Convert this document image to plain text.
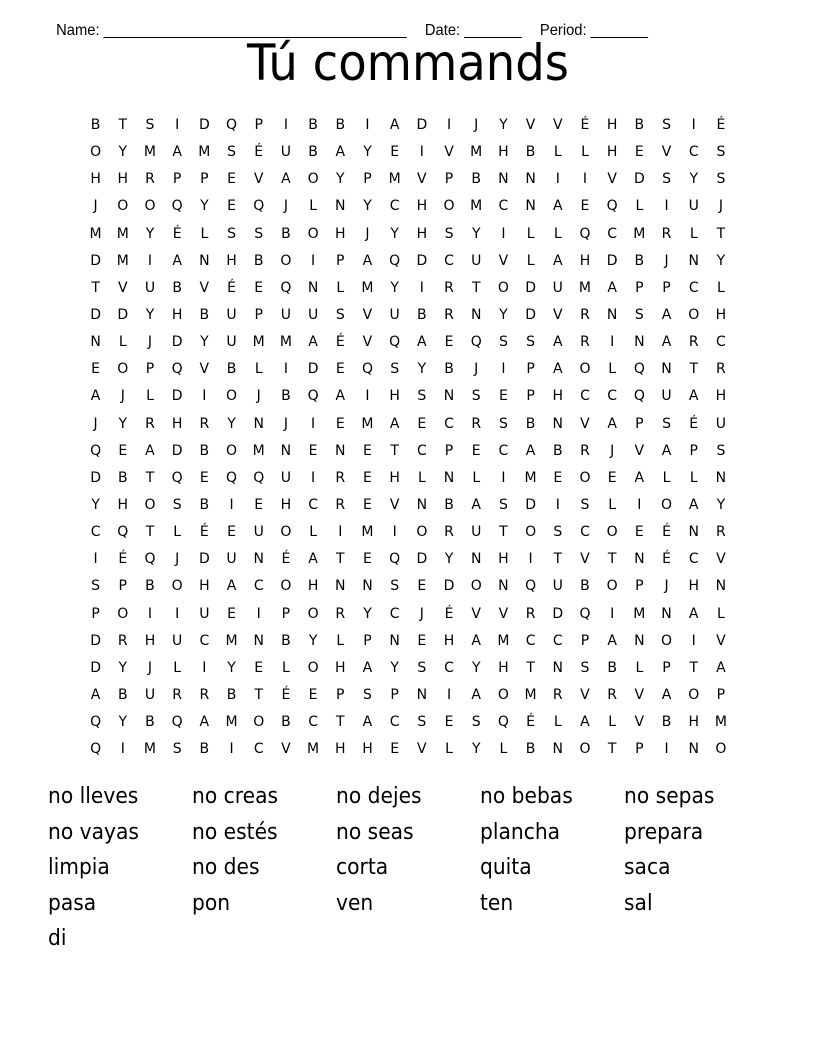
Name: _____________________________________ Date: _______ Period: _______

Tú commands
B	T	S	I	D	Q	P	I	B	B	I	A	D	I	J	Y	V	V	É	H	B	S	I	É
O	Y	M	A	M	S	É	U	B	A	Y	E	I	V	M	H	B	L	L	H	E	V	C	S
H	H	R	P	P	E	V	A	O	Y	P	M	V	P	B	N	N	I	I	V	D	S	Y	S
J	O	O	Q	Y	E	Q	J	L	N	Y	C	H	O	M	C	N	A	E	Q	L	I	U	J
M	M	Y	É	L	S	S	B	O	H	J	Y	H	S	Y	I	L	L	Q	C	M	R	L	T
D	M	I	A	N	H	B	O	I	P	A	Q	D	C	U	V	L	A	H	D	B	J	N	Y
T	V	U	B	V	É	E	Q	N	L	M	Y	I	R	T	O	D	U	M	A	P	P	C	L
D	D	Y	H	B	U	P	U	U	S	V	U	B	R	N	Y	D	V	R	N	S	A	O	H
N	L	J	D	Y	U	M	M	A	É	V	Q	A	E	Q	S	S	A	R	I	N	A	R	C
E	O	P	Q	V	B	L	I	D	E	Q	S	Y	B	J	I	P	A	O	L	Q	N	T	R
A	J	L	D	I	O	J	B	Q	A	I	H	S	N	S	E	P	H	C	C	Q	U	A	H
J	Y	R	H	R	Y	N	J	I	E	M	A	E	C	R	S	B	N	V	A	P	S	É	U
Q	E	A	D	B	O	M	N	E	N	E	T	C	P	E	C	A	B	R	J	V	A	P	S
D	B	T	Q	E	Q	Q	U	I	R	E	H	L	N	L	I	M	E	O	E	A	L	L	N
Y	H	O	S	B	I	E	H	C	R	E	V	N	B	A	S	D	I	S	L	I	O	A	Y
C	Q	T	L	É	E	U	O	L	I	M	I	O	R	U	T	O	S	C	O	E	É	N	R
I	É	Q	J	D	U	N	É	A	T	E	Q	D	Y	N	H	I	T	V	T	N	É	C	V
S	P	B	O	H	A	C	O	H	N	N	S	E	D	O	N	Q	U	B	O	P	J	H	N
P	O	I	I	U	E	I	P	O	R	Y	C	J	É	V	V	R	D	Q	I	M	N	A	L
D	R	H	U	C	M	N	B	Y	L	P	N	E	H	A	M	C	C	P	A	N	O	I	V
D	Y	J	L	I	Y	E	L	O	H	A	Y	S	C	Y	H	T	N	S	B	L	P	T	A
A	B	U	R	R	B	T	É	E	P	S	P	N	I	A	O	M	R	V	R	V	A	O	P
Q	Y	B	Q	A	M	O	B	C	T	A	C	S	E	S	Q	É	L	A	L	V	B	H	M
Q	I	M	S	B	I	C	V	M	H	H	E	V	L	Y	L	B	N	O	T	P	I	N	O
no lleves	no creas	no dejes	no bebas	no sepas
no vayas	no estés	no seas	plancha	prepara
limpia	no des	corta	quita	saca
pasa	pon	ven	ten	sal
di
